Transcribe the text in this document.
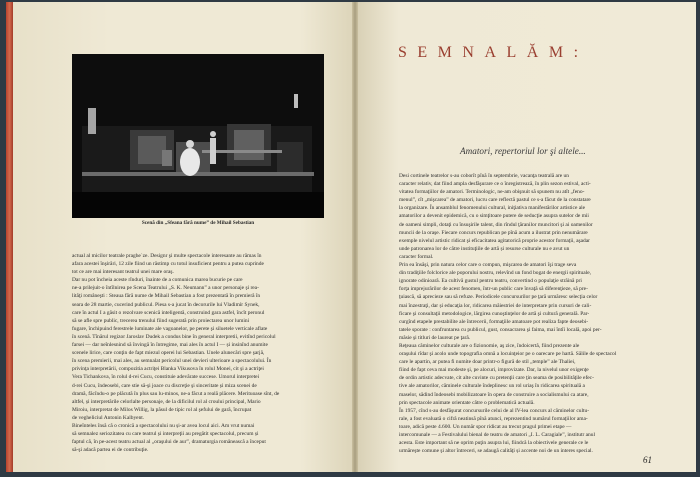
Scenă din „Sfeana fără nume” de Mihail Sebastian

actual al micilor teatrale praghe˙ze. Designr şi multe spectacole interesante au rămas în

afara acestei înşirări, 12 zile fiind un răstimp cu totul insuficient pentru a putea cuprinde

tot ce are mai interesant teatrul unei mare oraş.

Dar nu pot încheia aceste rînduri, înainte de a comunica marea bucurie pe care

ne-a prilejuit-o întîlnirea pe Scena Teatrului „S. K. Neumann” a unor personaje şi rea-

lităţi româneşti : Steaua fără nume de Mihail Sebastian a fost prezentată în premieră în

seara de 28 martie, cucerind publicul. Piesa s-a jucat în decorurile lui Vladimír Synek,

care în actul I a găsit o rezolvare scenică inteligentă, construind gara astfel, încît peronul

să se afle spre public, trecerea trenului fiind sugerată prin proiectarea unor lumini

fugare, închipuind ferestrele luminate ale vagoanelor, pe perete şi siluetele verticale aflate

în scenă. Tînărul regizor Jaroslav Dudek a condus bine în general interpretii, evitînd pericolul

farsei — dar neînlesnind să învingă în întregime, mai ales în actul I — și insinînd anumite

scenele lirice, care conţin de fapt miezul operei lui Sebastian. Unele alunecări spre şarjă,

în scena premierii, mai ales, au semnalat pericolul unei devieri ulterioare a spectacolului. În

privinţa interpretării, compozitia actriţei Blanka Vikusova în rolul Monei, cit şi a actriţei

Vera Tichankova, în rolul d-rei Cucu, constituie adevărate succese. Umorul interpretei

d-rei Cucu, îndeosebi, care stie să-şi joace cu discreţie şi sinceritate și miza scenei de

dramă, făcîndu-o pe plăcută în plus sau lu-minos, ne-a făcut a reală plăcere. Merituoase sînt, de

altfel, și interpretările celorlalte personaje, de la dificilul rol al croului principal, Mario

Miroiu, interpretat de Milos Willig, la păsul de tipic rol al şefului de gară, încrupat

de vegheliciul Antonin Kalbyent.

Bineînteles însă că o cronică a spectacolului nu și-ar avea locul aici. Am vrut numai

să semnalez seriozitatea cu care teatrul și interpreţii au pregătit spectacolul, precum și

faptul că, în pe-acest teatru actual al „oraşului de aur”, dramaturgia românească a început

să-şi adacă partea ei de contribuţie.

SEMNALĂM:
Amatori, repertoriul lor şi altele...

Desi cortinele teatrelor s-au coborît pînă în septembrie, vacanţa teatrală are un

caracter relativ, dat fiind ampla desfăşurare ce o înregistrează, în plin sezon estival, acti-

vitatea formaţiilor de amatori. Terminologic, ne-am obişnuit să spunem nu atît „feno-

menul”, cît „mişcarea” de amatori, lucru care reflectă pastul ce s-a făcut de la constatare

la organizare. În ansamblul fenomenului cultural, iniţiativa manifestărilor artistice ale

amatorilor a devenit epidemică, cu o simţitoare putere de seducţie asupra sutelor de mii

de oameni simpli, dotaţi cu însuşirile talent, din rîndul ţăranilor muncitori şi ai oamenilor

muncii de la oraşe. Fiecare concurs republican pe pînă acum a ilustrat prin nenumărare

exemple nivelul artistic ridicat şi eficacitatea agitatorică proprie acestor formaţii, aşadar

unde patronarea lor de către instituţiile de artă și resurse culturale nu e avut un

caracter formal.

Prin ea însăşi, prin natura celor care o compun, mişcarea de amatori îşi trage seva

din tradiţiile folclorice ale poporului nostru, relevînd un fond bogat de energii spirituale,

ignorate odinioară. Ea cultivă gustul pentru teatru, convertind o populaţie străină pri

forţa imprejurărilor de acest fenomen, într-un public care învaţă să diferenţieze, să pre-

ţuiască, să aprecieze sau să refuze. Periodicele concursurilor pe ţară urmăresc selecţia celor

mai înzestraţi, dar și educaţia lor, ridicarea măiestriei de interpretare prin cursuri de cali-

ficare şi consultaţii metodologice, lărgirea cunoştinţelor de artă şi cultură generală. Par-

curgînd etapele prestabilite ale întrecerii, formaţiile amatoare pot realiza fapte deosebi-

tatele sporate : confruntarea cu publicul, gust, consacrarea şi faima, mai întîi locală, apoi per-

măsie şi titluri de laureat pe ţară.

Reţeaua căminelor culturale are o fizionomie, aş zice, îndoicertă, fiind prezente ale

oraşului rîdar şi acolo unde topografia omnă a locuinţeior pe o oarecare pe hartă. Sălile de spectacol

care le apartin, ar putea fi numite doar printr-o figură de stil „temple” ale Thaliei,

fiind de fapt ceva mai modeste şi, pe alocuri, improvizate. Dar, la nivelul unor exigenţe

de ordin artistic adecvate, cit alte cuvinte cu pretenţii care ţin seama de posibilităţile efec-

tive ale amatorilor, căminele culturale îndeplinesc un rol uriaş în ridicarea spirituală a

maselor, sădind îndeosebi mobilizatoare în opera de construire a socialismului ca atare,

prin spectacole animate orientate către o problematică actuală.

În 1957, cînd s-au desfăşurat concursurile celui de al IV-lea concurs al căminelor cultu-

rale, a fost evaluată o cifră neatinsă pînă atunci, reprezentind numărul formaţiilor ama-

toare, adică peste 4.600. Un număr spor ridicat au trecut pragul primei etape —

intercomunale — a Festivalului bienal de teatru de amatori „I. L. Caragiale”, institutr anul

acesta. Este important să ne oprim puţin asupra lui, fiindcă la obiectivele generale ce le

urmăreşte comune şi altor întreceri, se adaugă calităţi și accente noi de un interes special.

61
